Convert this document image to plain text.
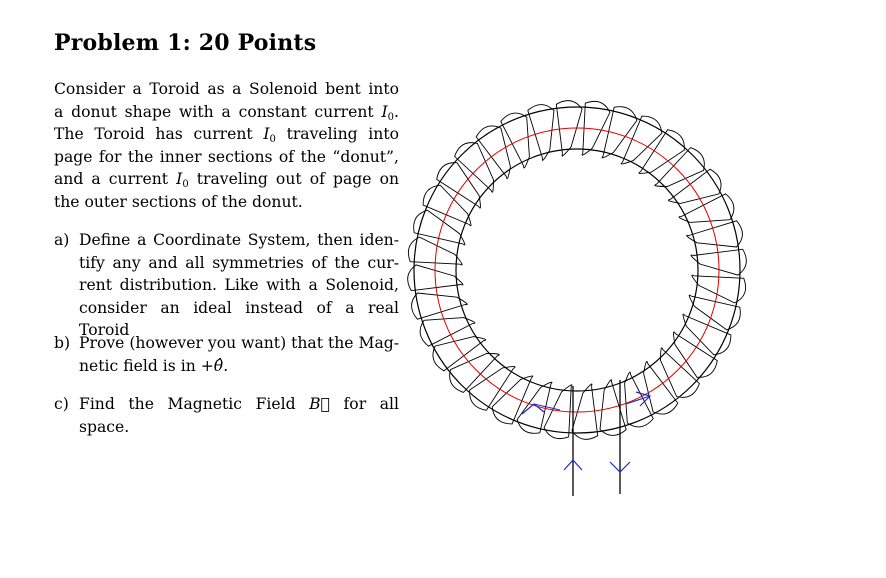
Problem 1: 20 Points
Consider a Toroid as a Solenoid bent into
a donut shape with a constant current $I_0$.
The Toroid has current $I_0$ traveling into
page for the inner sections of the “donut”,
and a current $I_0$ traveling out of page on
the outer sections of the donut.
a) Define a Coordinate System, then iden-
tify any and all symmetries of the cur-
rent distribution. Like with a Solenoid,
consider an ideal instead of a real Toroid
b) Prove (however you want) that the Mag-
netic field is in +θ̂.
c) Find the Magnetic Field B⃗ for all space.
